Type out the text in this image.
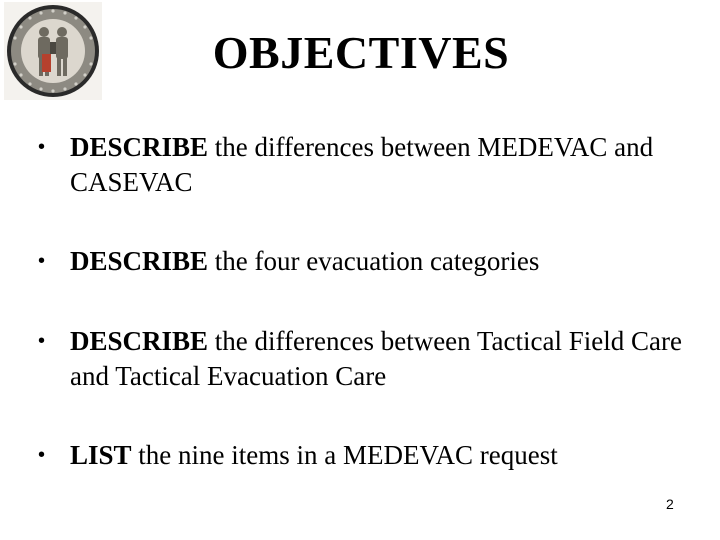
OBJECTIVES
• DESCRIBE the differences between MEDEVAC and CASEVAC
• DESCRIBE the four evacuation categories
• DESCRIBE the differences between Tactical Field Care and Tactical Evacuation Care
• LIST the nine items in a MEDEVAC request
2
